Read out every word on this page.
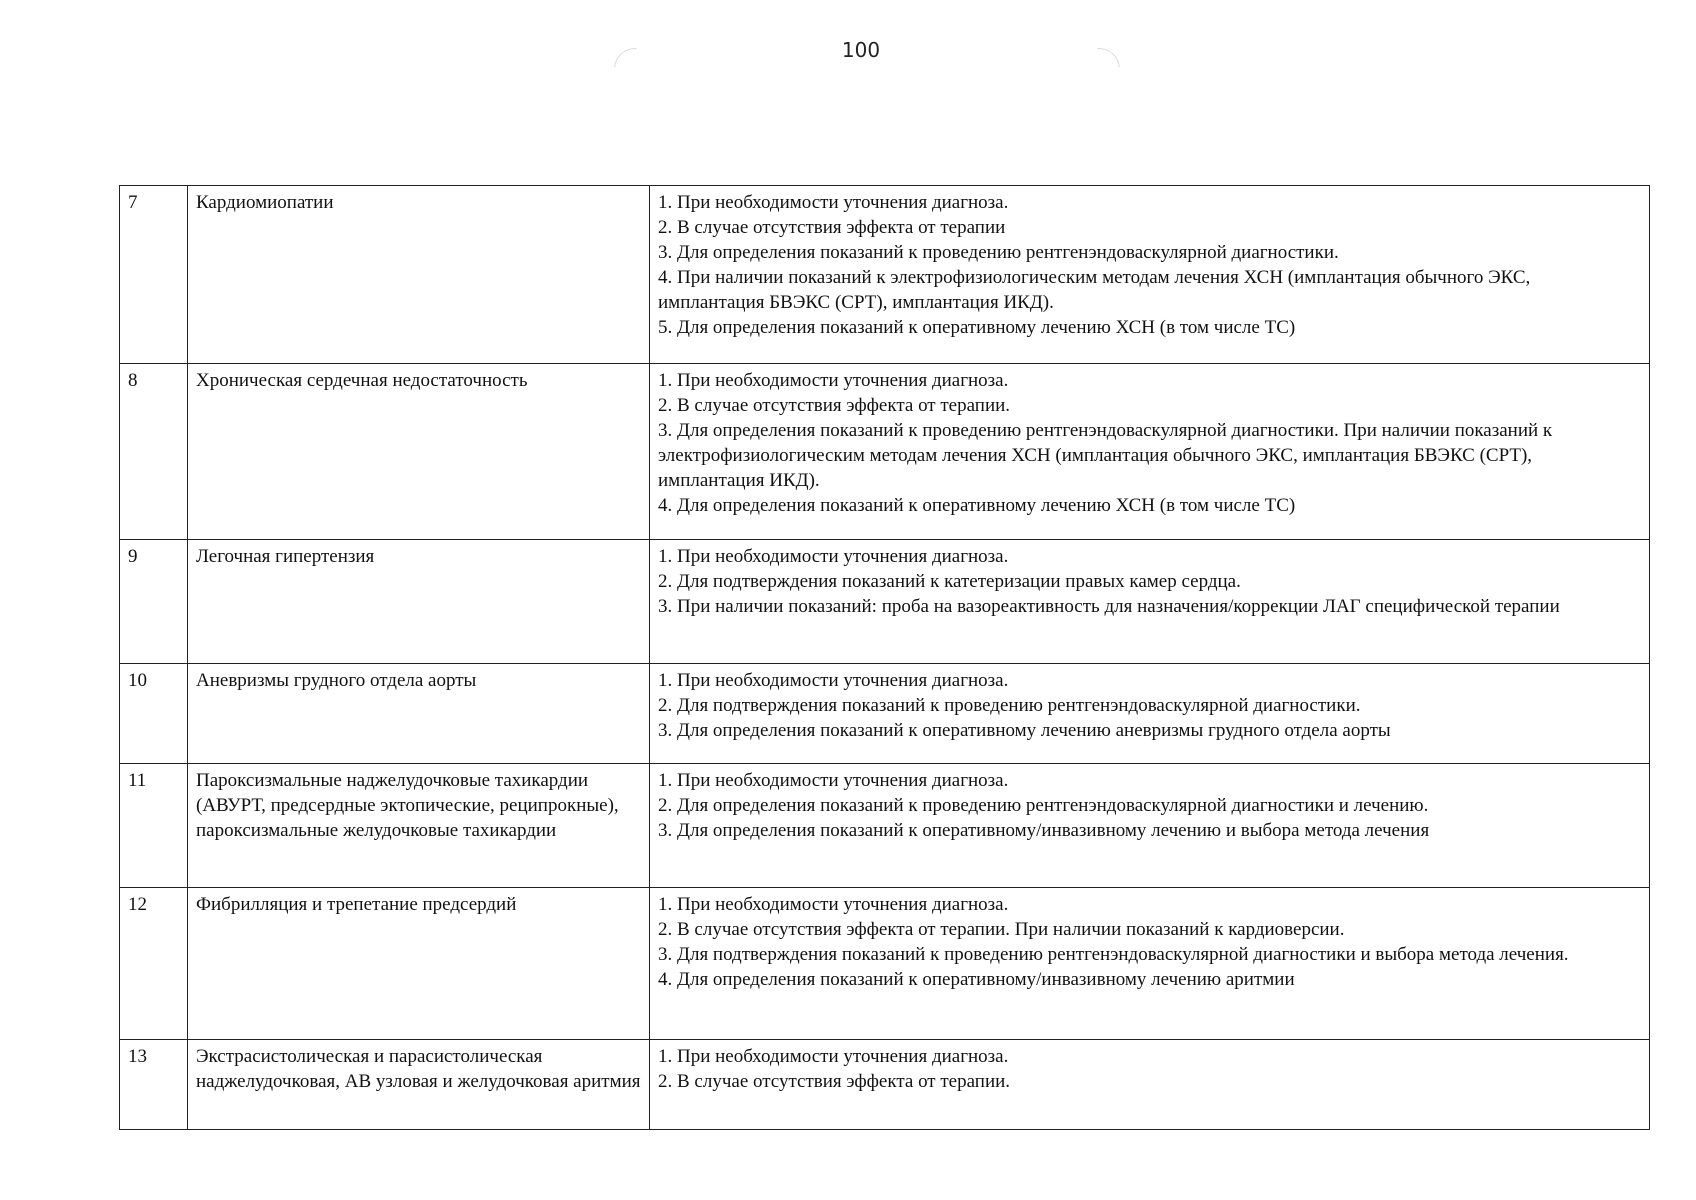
100
7	Кардиомиопатии	1. При необходимости уточнения диагноза.
2. В случае отсутствия эффекта от терапии
3. Для определения показаний к проведению рентгенэндоваскулярной диагностики.
4. При наличии показаний к электрофизиологическим методам лечения ХСН (имплантация обычного ЭКС, имплантация БВЭКС (СРТ), имплантация ИКД).
5. Для определения показаний к оперативному лечению ХСН (в том числе ТС)

8	Хроническая сердечная недостаточность	1. При необходимости уточнения диагноза.
2. В случае отсутствия эффекта от терапии.
3. Для определения показаний к проведению рентгенэндоваскулярной диагностики. При наличии показаний к электрофизиологическим методам лечения ХСН (имплантация обычного ЭКС, имплантация БВЭКС (СРТ), имплантация ИКД).
4. Для определения показаний к оперативному лечению ХСН (в том числе ТС)

9	Легочная гипертензия	1. При необходимости уточнения диагноза.
2. Для подтверждения показаний к катетеризации правых камер сердца.
3. При наличии показаний: проба на вазореактивность для назначения/коррекции ЛАГ специфической терапии

10	Аневризмы грудного отдела аорты	1. При необходимости уточнения диагноза.
2. Для подтверждения показаний к проведению рентгенэндоваскулярной диагностики.
3. Для определения показаний к оперативному лечению аневризмы грудного отдела аорты

11	Пароксизмальные наджелудочковые тахикардии (АВУРТ, предсердные эктопические, реципрокные), пароксизмальные желудочковые тахикардии	1. При необходимости уточнения диагноза.
2. Для определения показаний к проведению рентгенэндоваскулярной диагностики и лечению.
3. Для определения показаний к оперативному/инвазивному лечению и выбора метода лечения

12	Фибрилляция и трепетание предсердий	1. При необходимости уточнения диагноза.
2. В случае отсутствия эффекта от терапии. При наличии показаний к кардиоверсии.
3. Для подтверждения показаний к проведению рентгенэндоваскулярной диагностики и выбора метода лечения.
4. Для определения показаний к оперативному/инвазивному лечению аритмии

13	Экстрасистолическая и парасистолическая наджелудочковая, АВ узловая и желудочковая аритмия	1. При необходимости уточнения диагноза.
2. В случае отсутствия эффекта от терапии.
